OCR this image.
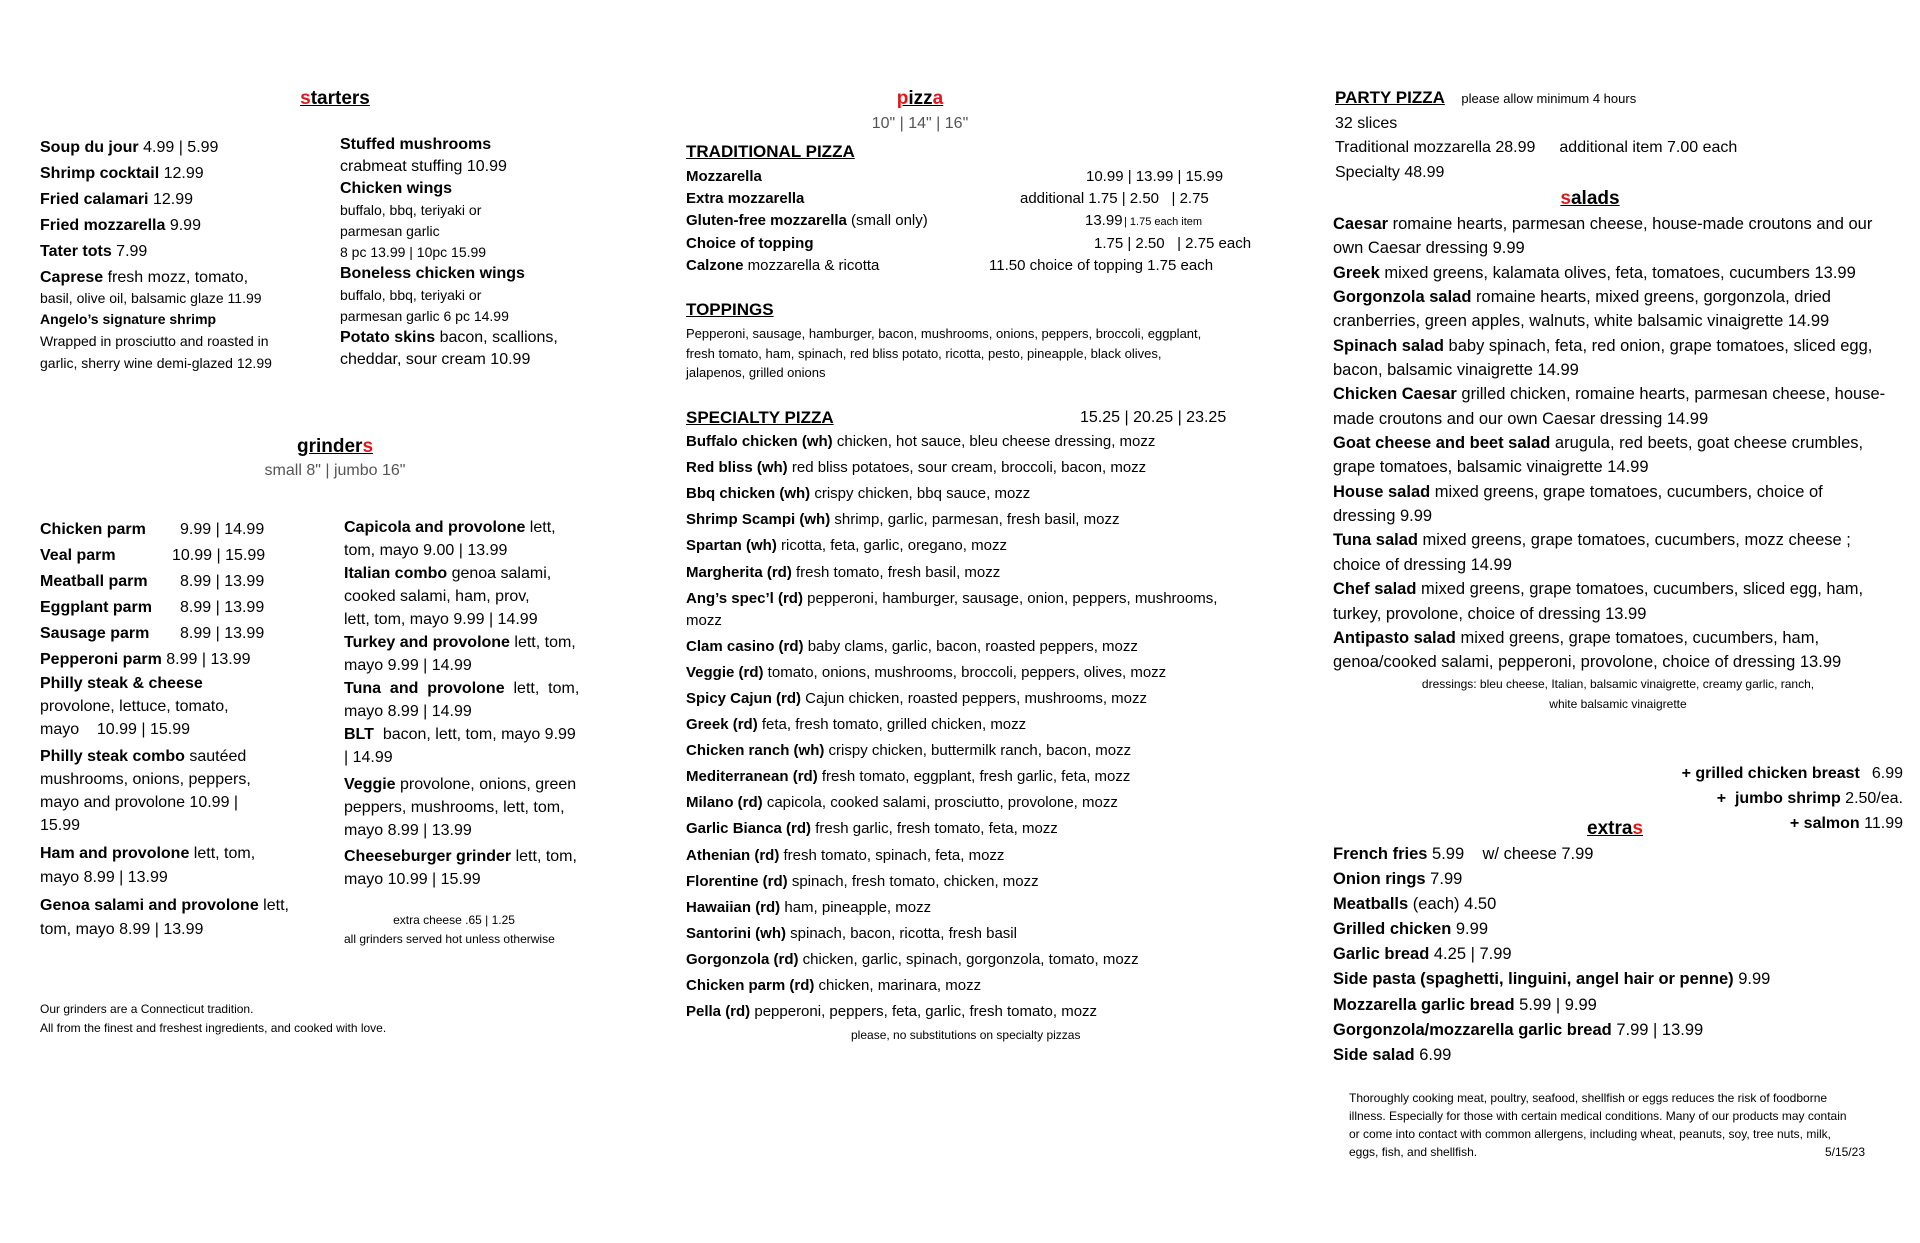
starters
Soup du jour 4.99 | 5.99
Shrimp cocktail 12.99
Fried calamari 12.99
Fried mozzarella 9.99
Tater tots 7.99
Caprese fresh mozz, tomato,
basil, olive oil, balsamic glaze 11.99
Angelo’s signature shrimp
Wrapped in prosciutto and roasted in
garlic, sherry wine demi-glazed 12.99
Stuffed mushrooms
crabmeat stuffing 10.99
Chicken wings
buffalo, bbq, teriyaki or
parmesan garlic
8 pc 13.99 | 10pc 15.99
Boneless chicken wings
buffalo, bbq, teriyaki or
parmesan garlic 6 pc 14.99
Potato skins bacon, scallions,
cheddar, sour cream 10.99
grinders
small 8" | jumbo 16"
Chicken parm 9.99 | 14.99
Veal parm	10.99 | 15.99
Meatball parm 8.99 | 13.99
Eggplant parm 8.99 | 13.99
Sausage parm 8.99 | 13.99
Pepperoni parm 8.99 | 13.99
Philly steak & cheese
provolone, lettuce, tomato,
mayo    10.99 | 15.99
Philly steak combo sautéed
mushrooms, onions, peppers,
mayo and provolone 10.99 |
15.99
Ham and provolone lett, tom,
mayo 8.99 | 13.99
Genoa salami and provolone lett,
tom, mayo 8.99 | 13.99
Capicola and provolone lett,
tom, mayo 9.00 | 13.99
Italian combo genoa salami,
cooked salami, ham, prov,
lett, tom, mayo 9.99 | 14.99
Turkey and provolone lett, tom,
mayo 9.99 | 14.99
Tuna  and  provolone  lett,  tom,
mayo 8.99 | 14.99
BLT  bacon, lett, tom, mayo 9.99
| 14.99
Veggie provolone, onions, green
peppers, mushrooms, lett, tom,
mayo 8.99 | 13.99
Cheeseburger grinder lett, tom,
mayo 10.99 | 15.99
extra cheese .65 | 1.25
all grinders served hot unless otherwise
Our grinders are a Connecticut tradition.
All from the finest and freshest ingredients, and cooked with love.
pizza
10" | 14" | 16"
TRADITIONAL PIZZA
Mozzarella	10.99 | 13.99 | 15.99
Extra mozzarella	additional 1.75 | 2.50   | 2.75
Gluten-free mozzarella (small only)	13.99 | 1.75 each item
Choice of topping	1.75 | 2.50   | 2.75 each
Calzone mozzarella & ricotta	11.50 choice of topping 1.75 each
TOPPINGS
Pepperoni, sausage, hamburger, bacon, mushrooms, onions, peppers, broccoli, eggplant,
fresh tomato, ham, spinach, red bliss potato, ricotta, pesto, pineapple, black olives,
jalapenos, grilled onions
SPECIALTY PIZZA	15.25 | 20.25 | 23.25
Buffalo chicken (wh) chicken, hot sauce, bleu cheese dressing, mozz
Red bliss (wh) red bliss potatoes, sour cream, broccoli, bacon, mozz
Bbq chicken (wh) crispy chicken, bbq sauce, mozz
Shrimp Scampi (wh) shrimp, garlic, parmesan, fresh basil, mozz
Spartan (wh) ricotta, feta, garlic, oregano, mozz
Margherita (rd) fresh tomato, fresh basil, mozz
Ang’s spec’l (rd) pepperoni, hamburger, sausage, onion, peppers, mushrooms,
mozz
Clam casino (rd) baby clams, garlic, bacon, roasted peppers, mozz
Veggie (rd) tomato, onions, mushrooms, broccoli, peppers, olives, mozz
Spicy Cajun (rd) Cajun chicken, roasted peppers, mushrooms, mozz
Greek (rd) feta, fresh tomato, grilled chicken, mozz
Chicken ranch (wh) crispy chicken, buttermilk ranch, bacon, mozz
Mediterranean (rd) fresh tomato, eggplant, fresh garlic, feta, mozz
Milano (rd) capicola, cooked salami, prosciutto, provolone, mozz
Garlic Bianca (rd) fresh garlic, fresh tomato, feta, mozz
Athenian (rd) fresh tomato, spinach, feta, mozz
Florentine (rd) spinach, fresh tomato, chicken, mozz
Hawaiian (rd) ham, pineapple, mozz
Santorini (wh) spinach, bacon, ricotta, fresh basil
Gorgonzola (rd) chicken, garlic, spinach, gorgonzola, tomato, mozz
Chicken parm (rd) chicken, marinara, mozz
Pella (rd) pepperoni, peppers, feta, garlic, fresh tomato, mozz
please, no substitutions on specialty pizzas
PARTY PIZZA please allow minimum 4 hours
32 slices
Traditional mozzarella 28.99 additional item 7.00 each
Specialty 48.99
salads
Caesar romaine hearts, parmesan cheese, house-made croutons and our
own Caesar dressing 9.99
Greek mixed greens, kalamata olives, feta, tomatoes, cucumbers 13.99
Gorgonzola salad romaine hearts, mixed greens, gorgonzola, dried
cranberries, green apples, walnuts, white balsamic vinaigrette 14.99
Spinach salad baby spinach, feta, red onion, grape tomatoes, sliced egg,
bacon, balsamic vinaigrette 14.99
Chicken Caesar grilled chicken, romaine hearts, parmesan cheese, house-
made croutons and our own Caesar dressing 14.99
Goat cheese and beet salad arugula, red beets, goat cheese crumbles,
grape tomatoes, balsamic vinaigrette 14.99
House salad mixed greens, grape tomatoes, cucumbers, choice of
dressing 9.99
Tuna salad mixed greens, grape tomatoes, cucumbers, mozz cheese ;
choice of dressing 14.99
Chef salad mixed greens, grape tomatoes, cucumbers, sliced egg, ham,
turkey, provolone, choice of dressing 13.99
Antipasto salad mixed greens, grape tomatoes, cucumbers, ham,
genoa/cooked salami, pepperoni, provolone, choice of dressing 13.99
dressings: bleu cheese, Italian, balsamic vinaigrette, creamy garlic, ranch,
white balsamic vinaigrette

+ grilled chicken breast 6.99

+  jumbo shrimp 2.50/ea.

+ salmon 11.99

extras
French fries 5.99    w/ cheese 7.99
Onion rings 7.99
Meatballs (each) 4.50
Grilled chicken 9.99
Garlic bread 4.25 | 7.99
Side pasta (spaghetti, linguini, angel hair or penne) 9.99
Mozzarella garlic bread 5.99 | 9.99
Gorgonzola/mozzarella garlic bread 7.99 | 13.99
Side salad 6.99
Thoroughly cooking meat, poultry, seafood, shellfish or eggs reduces the risk of foodborne
illness. Especially for those with certain medical conditions. Many of our products may contain
or come into contact with common allergens, including wheat, peanuts, soy, tree nuts, milk,
eggs, fish, and shellfish.	5/15/23
